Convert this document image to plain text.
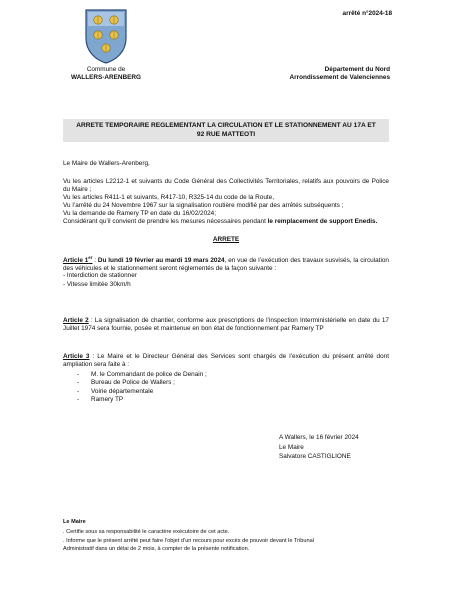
arrêté n°2024-18
Commune de
WALLERS-ARENBERG
Département du Nord
Arrondissement de Valenciennes
ARRETE TEMPORAIRE REGLEMENTANT LA CIRCULATION ET LE STATIONNEMENT AU 17A ET
92 RUE MATTEOTI
Le Maire de Wallers-Arenberg,
Vu les articles L2212-1 et suivants du Code Général des Collectivités Territoriales, relatifs aux pouvoirs de Police du Maire ;
Vu les articles R411-1 et suivants, R417-10, R325-14 du code de la Route,
Vu l’arrêté du 24 Novembre 1967 sur la signalisation routière modifié par des arrêtés subséquents ;
Vu la demande de Ramery TP en date du 16/02/2024;
Considérant qu’il convient de prendre les mesures nécessaires pendant le remplacement de support Enedis.
ARRETE
Article 1er : Du lundi 19 février au mardi 19 mars 2024, en vue de l’exécution des travaux susvisés, la circulation des véhicules et le stationnement seront réglementés de la façon suivante :
- Interdiction de stationner
- Vitesse limitée 30km/h
Article 2 : La signalisation de chantier, conforme aux prescriptions de l’inspection Interministérielle en date du 17 Juillet 1974 sera fournie, posée et maintenue en bon état de fonctionnement par Ramery TP
Article 3 : Le Maire et le Directeur Général des Services sont chargés de l’exécution du présent arrêté dont ampliation sera faite à :
- M. le Commandant de police de Denain ;
- Bureau de Police de Wallers ;
- Voirie départementale
- Ramery TP
A Wallers, le 16 février 2024
Le Maire
Salvatore CASTIGLIONE
Le Maire
. Certifie sous sa responsabilité le caractère exécutoire de cet acte.
. Informe que le présent arrêté peut faire l’objet d’un recours pour excès de pouvoir devant le Tribunal
Administratif dans un délai de 2 mois, à compter de la présente notification.
